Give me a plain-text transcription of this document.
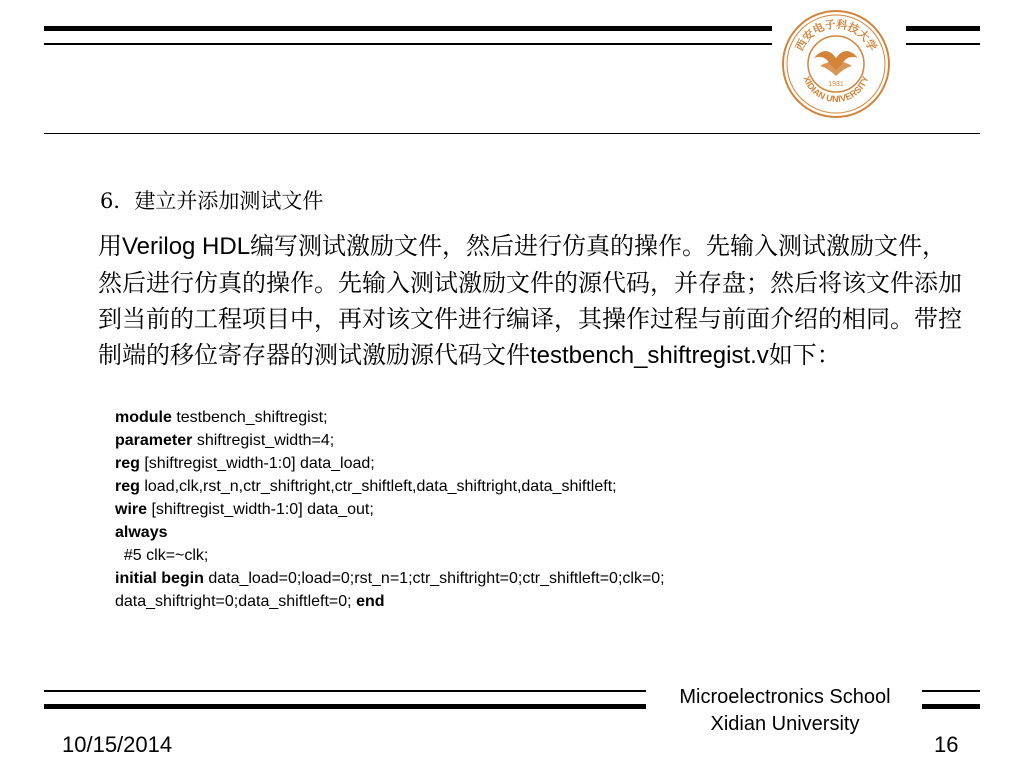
西安电子科技大学
XIDIAN UNIVERSITY
1931
6．建立并添加测试文件

用Verilog HDL编写测试激励文件，然后进行仿真的操作。先输入测试激励文件，然后进行仿真的操作。先输入测试激励文件的源代码，并存盘；然后将该文件添加到当前的工程项目中，再对该文件进行编译，其操作过程与前面介绍的相同。带控制端的移位寄存器的测试激励源代码文件testbench_shiftregist.v如下：

module testbench_shiftregist;
parameter shiftregist_width=4;
reg [shiftregist_width-1:0] data_load;
reg load,clk,rst_n,ctr_shiftright,ctr_shiftleft,data_shiftright,data_shiftleft;
wire [shiftregist_width-1:0] data_out;
always
#5 clk=~clk;
initial begin data_load=0;load=0;rst_n=1;ctr_shiftright=0;ctr_shiftleft=0;clk=0;
data_shiftright=0;data_shiftleft=0; end
Microelectronics School
Xidian University
10/15/2014	16
